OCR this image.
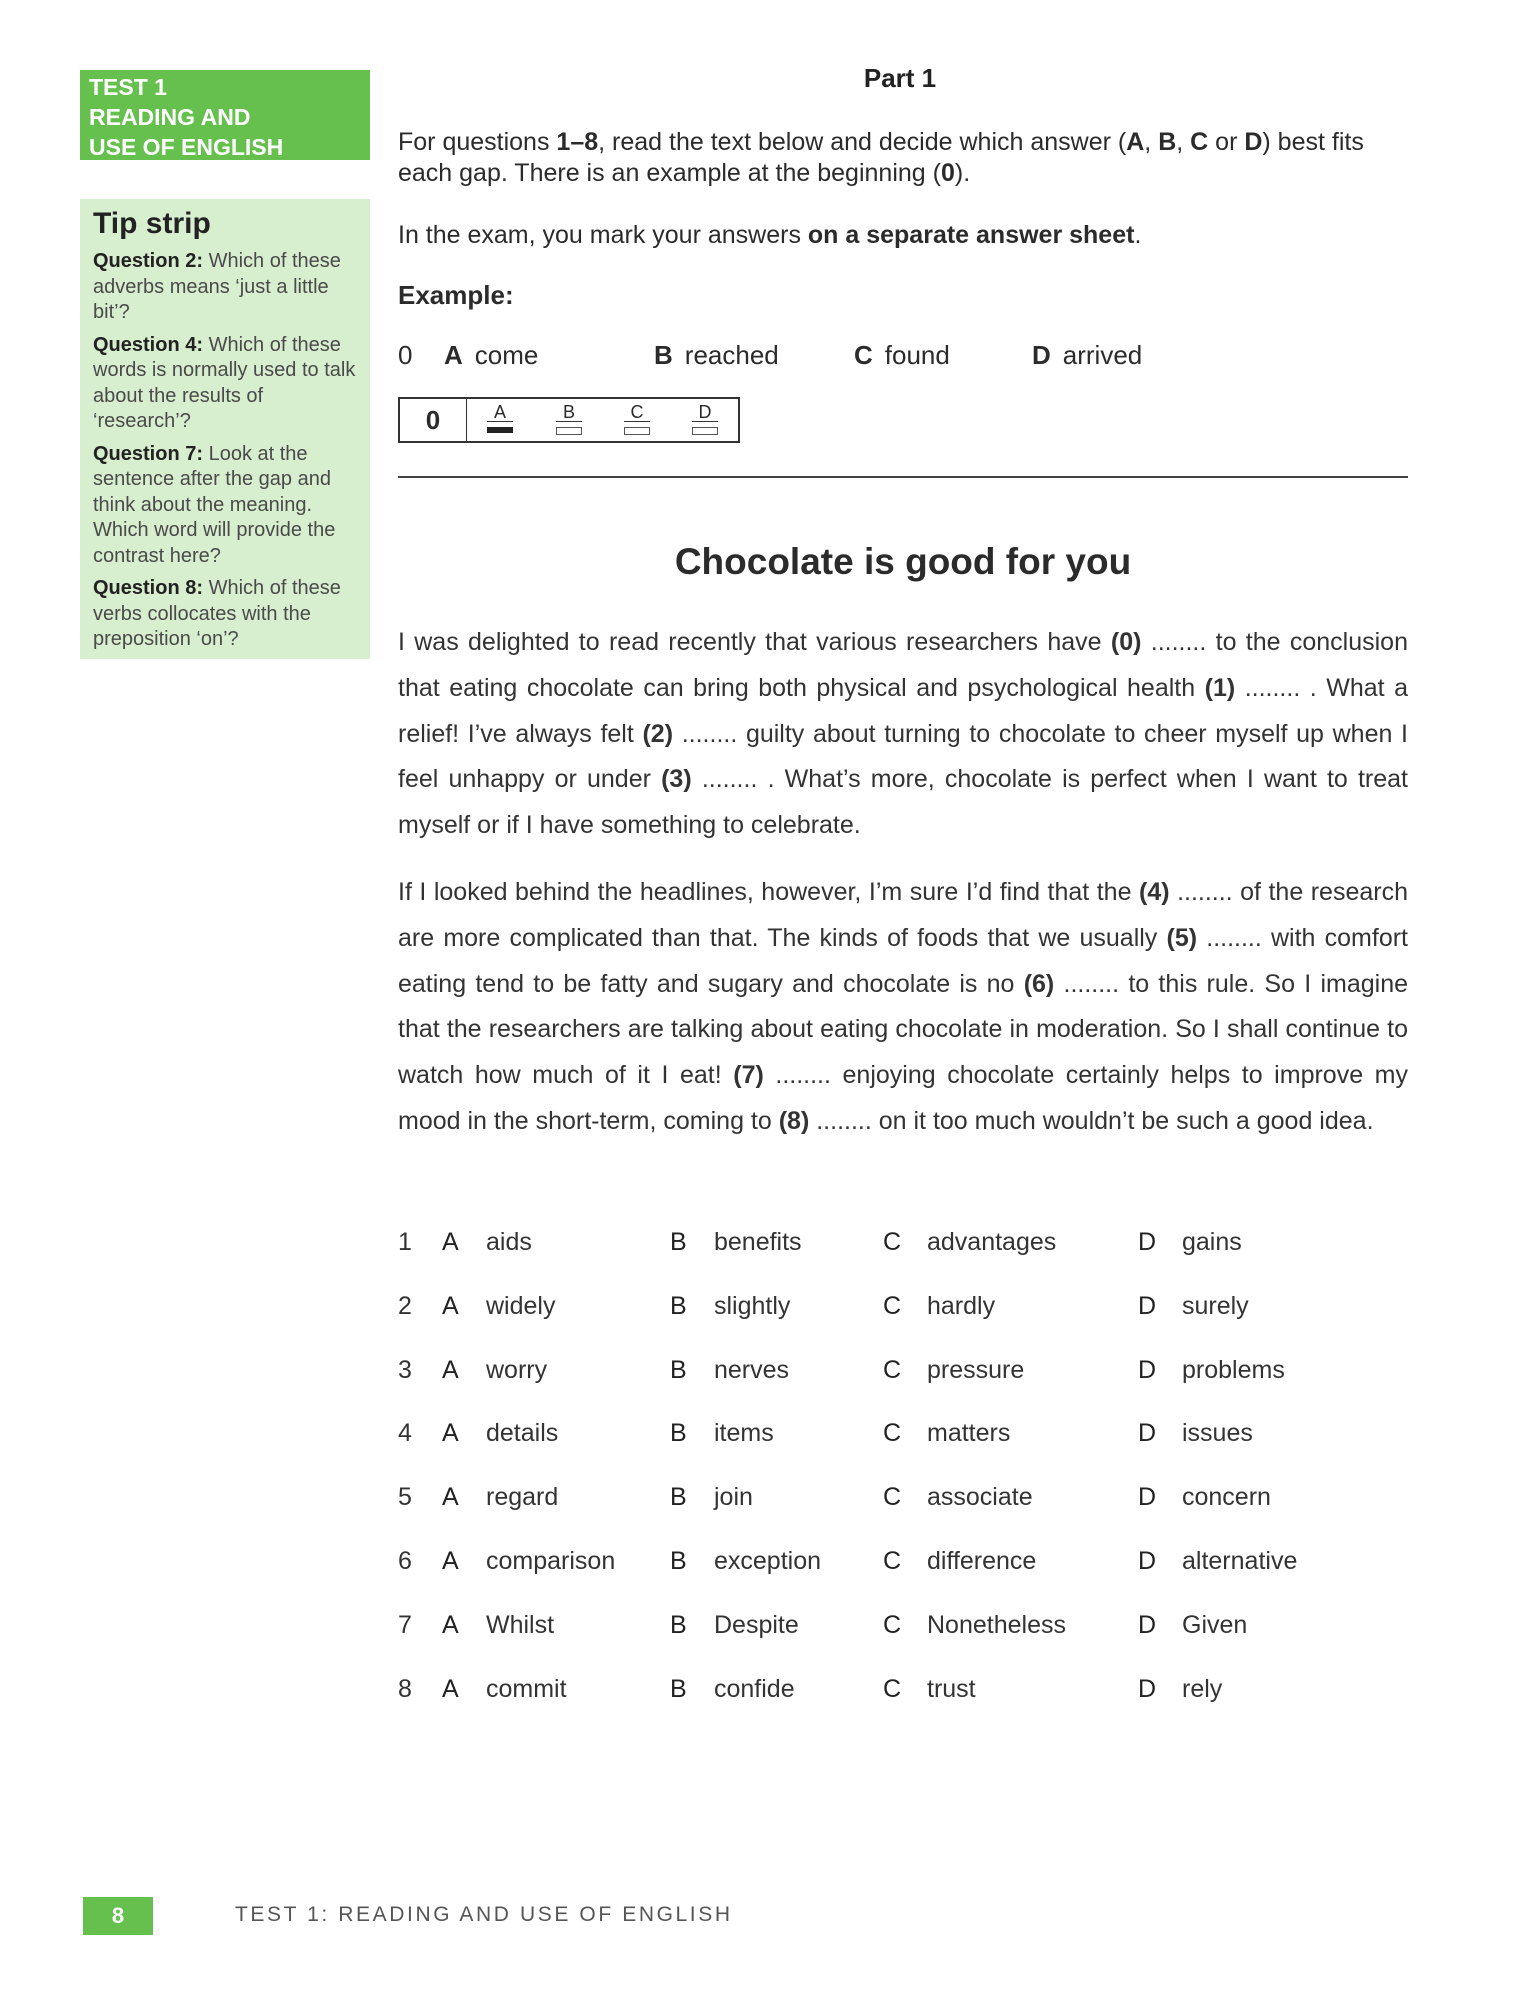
TEST 1
READING AND
USE OF ENGLISH
Tip strip
Question 2: Which of these adverbs means ‘just a little bit’?
Question 4: Which of these words is normally used to talk about the results of ‘research’?
Question 7: Look at the sentence after the gap and think about the meaning. Which word will provide the contrast here?
Question 8: Which of these verbs collocates with the preposition ‘on’?
Part 1
For questions 1–8, read the text below and decide which answer (A, B, C or D) best fits each gap. There is an example at the beginning (0).
In the exam, you mark your answers on a separate answer sheet.
Example:
0 A come	B reached	C found	D arrived
0	A	B	C	D
Chocolate is good for you
I was delighted to read recently that various researchers have (0) ........ to the conclusion that eating chocolate can bring both physical and psychological health (1) ........ . What a relief! I’ve always felt (2) ........ guilty about turning to chocolate to cheer myself up when I feel unhappy or under (3) ........ . What’s more, chocolate is perfect when I want to treat myself or if I have something to celebrate.
If I looked behind the headlines, however, I’m sure I’d find that the (4) ........ of the research are more complicated than that. The kinds of foods that we usually (5) ........ with comfort eating tend to be fatty and sugary and chocolate is no (6) ........ to this rule. So I imagine that the researchers are talking about eating chocolate in moderation. So I shall continue to watch how much of it I eat! (7) ........ enjoying chocolate certainly helps to improve my mood in the short-term, coming to (8) ........ on it too much wouldn’t be such a good idea.
1 A aids	B benefits	C advantages	D gains
2 A widely	B slightly	C hardly	D surely
3 A worry	B nerves	C pressure	D problems
4 A details	B items	C matters	D issues
5 A regard	B join	C associate	D concern
6 A comparison B exception C difference	D alternative
7 A Whilst	B Despite	C Nonetheless	D Given
8 A commit	B confide	C trust	D rely
8	TEST 1: READING AND USE OF ENGLISH
